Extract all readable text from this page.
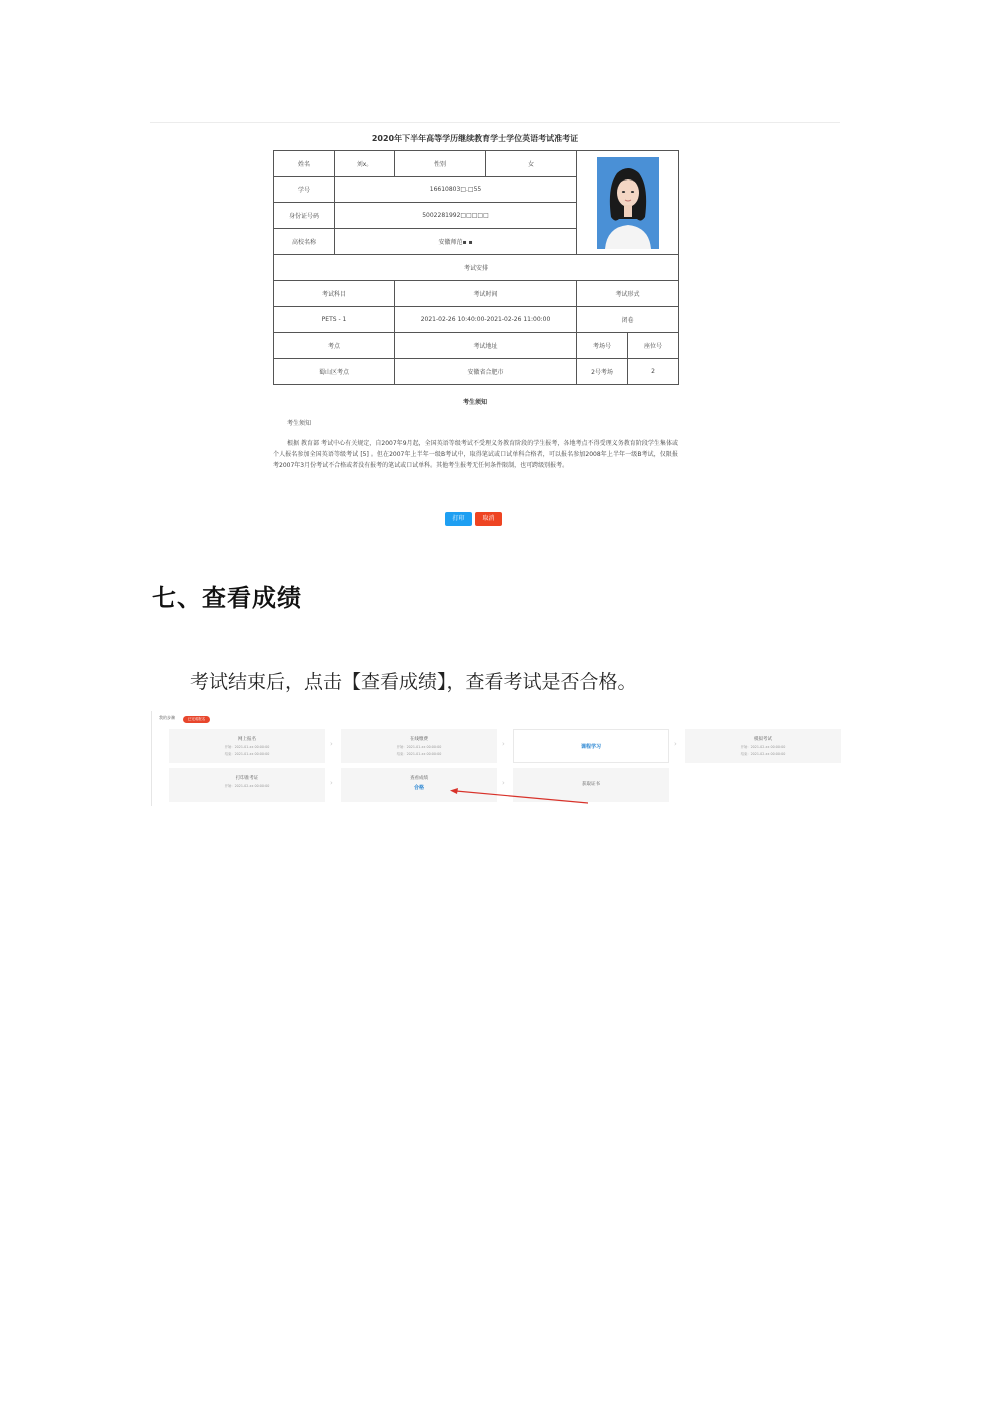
2020年下半年高等学历继续教育学士学位英语考试准考证
姓名	刘x。	性别	女	

学号	16610803□.□55				
身份证号码	5002281992□□□□□				
高校名称	安徽师范▪ ▪				
考试安排					
考试科目		考试时间		考试形式	
PETS - 1		2021-02-26 10:40:00-2021-02-26 11:00:00		闭卷	
考点		考试地址		考场号	座位号
蜀山区考点		安徽省合肥市		2号考场	2
考生须知
考生须知
根据 教育部 考试中心有关规定，自2007年9月起，全国英语等级考试不受理义务教育阶段的学生报考，各地考点不得受理义务教育阶段学生集体或个人报名参加全国英语等级考试 [5] 。但在2007年上半年一级B考试中，取得笔试或口试单科合格者，可以报名参加2008年上半年一级B考试，仅限报考2007年3月份考试不合格或者没有报考的笔试或口试单科。其他考生报考无任何条件限制，也可跨级别报考。
打印	取消
七、查看成绩
考试结束后，点击【查看成绩】，查看考试是否合格。
我的步骤	已完成报名
网上报名
开始：2021-01-xx 00:00:00
结束：2021-01-xx 00:00:00
›
在线缴费
开始：2021-01-xx 00:00:00
结束：2021-01-xx 00:00:00
›	课程学习	›
模拟考试
开始：2021-02-xx 00:00:00
结束：2021-02-xx 00:00:00
打印准考证
开始：2021-02-xx 00:00:00	›
查看成绩
合格
›	获取证书
